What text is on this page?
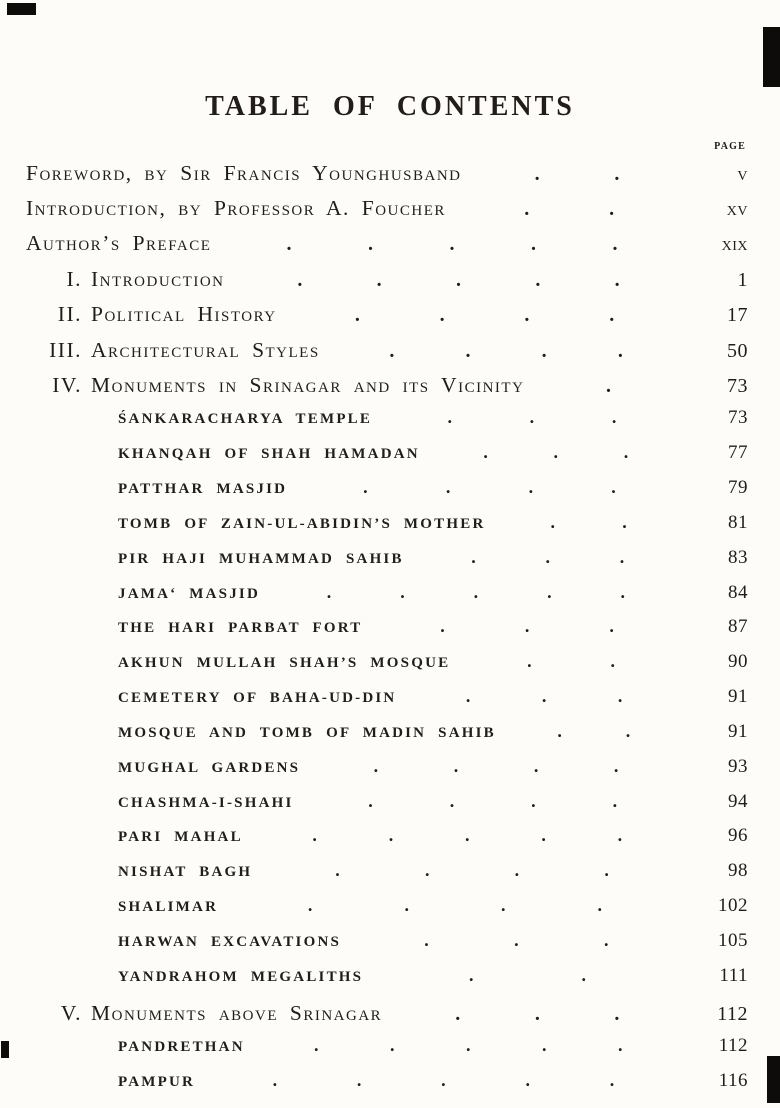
TABLE OF CONTENTS
PAGE
Foreword, by Sir Francis Younghusband	.	.	v
Introduction, by Professor A. Foucher	.	.	xv
Author’s Preface	.	.	.	.	.	xix
I. Introduction	.	.	.	.	.	1
II. Political History	.	.	.	.	17
III. Architectural Styles	.	.	.	.	50
IV. Monuments in Srinagar and its Vicinity	.	73
ŚANKARACHARYA TEMPLE	.	.	.	73
KHANQAH OF SHAH HAMADAN	.	.	.	77
PATTHAR MASJID	.	.	.	.	79
TOMB OF ZAIN-UL-ABIDIN’S MOTHER	.	.	81
PIR HAJI MUHAMMAD SAHIB	.	.	.	83
JAMA‘ MASJID	.	.	.	.	.	84
THE HARI PARBAT FORT	.	.	.	87
AKHUN MULLAH SHAH’S MOSQUE	.	.	90
CEMETERY OF BAHA-UD-DIN	.	.	.	91
MOSQUE AND TOMB OF MADIN SAHIB	.	.	91
MUGHAL GARDENS	.	.	.	.	93
CHASHMA-I-SHAHI	.	.	.	.	94
PARI MAHAL	.	.	.	.	.	96
NISHAT BAGH	.	.	.	.	98
SHALIMAR	.	.	.	.	102
HARWAN EXCAVATIONS	.	.	.	105
YANDRAHOM MEGALITHS	.	.	111
V. Monuments above Srinagar	.	.	.	112
PANDRETHAN	.	.	.	.	.	112
PAMPUR	.	.	.	.	.	116
